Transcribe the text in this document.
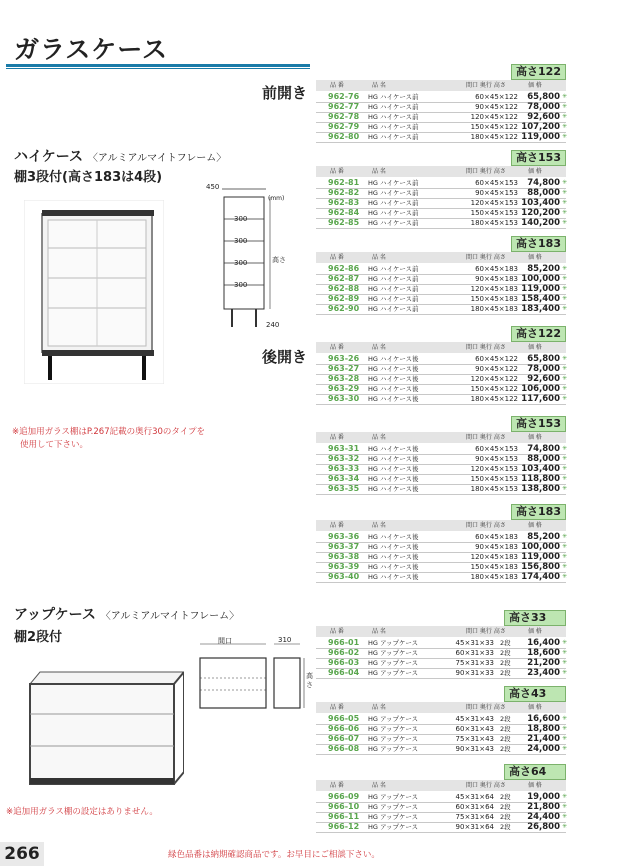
ガラスケース
前開き
後開き
ハイケース 〈アルミアルマイトフレーム〉
棚3段付(高さ183は4段)
450
(mm)
高さ
300
300
300
300
240
※追加用ガラス棚はP.267記載の奥行30のタイプを
使用して下さい。
アップケース 〈アルミアルマイトフレーム〉
棚2段付	間口	310
高さ
※追加用ガラス棚の設定はありません。
高さ122
品 番	品 名	間口 奥行 高さ	価 格
962-76 HG ハイケース前	60×45×122	65,800 ✳
962-77 HG ハイケース前	90×45×122	78,000 ✳
962-78 HG ハイケース前	120×45×122	92,600 ✳
962-79 HG ハイケース前	150×45×122 107,200 ✳
962-80 HG ハイケース前	180×45×122 119,000 ✳
高さ153
品 番	品 名	間口 奥行 高さ	価 格
962-81 HG ハイケース前	60×45×153	74,800 ✳
962-82 HG ハイケース前	90×45×153	88,000 ✳
962-83 HG ハイケース前	120×45×153 103,400 ✳
962-84 HG ハイケース前	150×45×153 120,200 ✳
962-85 HG ハイケース前	180×45×153 140,200 ✳
高さ183
品 番	品 名	間口 奥行 高さ	価 格
962-86 HG ハイケース前	60×45×183	85,200 ✳
962-87 HG ハイケース前	90×45×183 100,000 ✳
962-88 HG ハイケース前	120×45×183 119,000 ✳
962-89 HG ハイケース前	150×45×183 158,400 ✳
962-90 HG ハイケース前	180×45×183 183,400 ✳
高さ122
品 番	品 名	間口 奥行 高さ	価 格
963-26 HG ハイケース後	60×45×122	65,800 ✳
963-27 HG ハイケース後	90×45×122	78,000 ✳
963-28 HG ハイケース後	120×45×122	92,600 ✳
963-29 HG ハイケース後	150×45×122 106,000 ✳
963-30 HG ハイケース後	180×45×122 117,600 ✳
高さ153
品 番	品 名	間口 奥行 高さ	価 格
963-31 HG ハイケース後	60×45×153	74,800 ✳
963-32 HG ハイケース後	90×45×153	88,000 ✳
963-33 HG ハイケース後	120×45×153 103,400 ✳
963-34 HG ハイケース後	150×45×153 118,800 ✳
963-35 HG ハイケース後	180×45×153 138,800 ✳
高さ183
品 番	品 名	間口 奥行 高さ	価 格
963-36 HG ハイケース後	60×45×183	85,200 ✳
963-37 HG ハイケース後	90×45×183 100,000 ✳
963-38 HG ハイケース後	120×45×183 119,000 ✳
963-39 HG ハイケース後	150×45×183 156,800 ✳
963-40 HG ハイケース後	180×45×183 174,400 ✳
高さ33
品 番	品 名	間口 奥行 高さ	価 格
966-01 HG アップケース	45×31×33 2段	16,400 ✳
966-02 HG アップケース	60×31×33 2段	18,600 ✳
966-03 HG アップケース	75×31×33 2段	21,200 ✳
966-04 HG アップケース	90×31×33 2段	23,400 ✳
高さ43
品 番	品 名	間口 奥行 高さ	価 格
966-05 HG アップケース	45×31×43 2段	16,600 ✳
966-06 HG アップケース	60×31×43 2段	18,800 ✳
966-07 HG アップケース	75×31×43 2段	21,400 ✳
966-08 HG アップケース	90×31×43 2段	24,000 ✳
高さ64
品 番	品 名	間口 奥行 高さ	価 格
966-09 HG アップケース	45×31×64 2段	19,000 ✳
966-10 HG アップケース	60×31×64 2段	21,800 ✳
966-11 HG アップケース	75×31×64 2段	24,400 ✳
966-12 HG アップケース	90×31×64 2段	26,800 ✳
266	緑色品番は納期確認商品です。お早目にご相談下さい。
